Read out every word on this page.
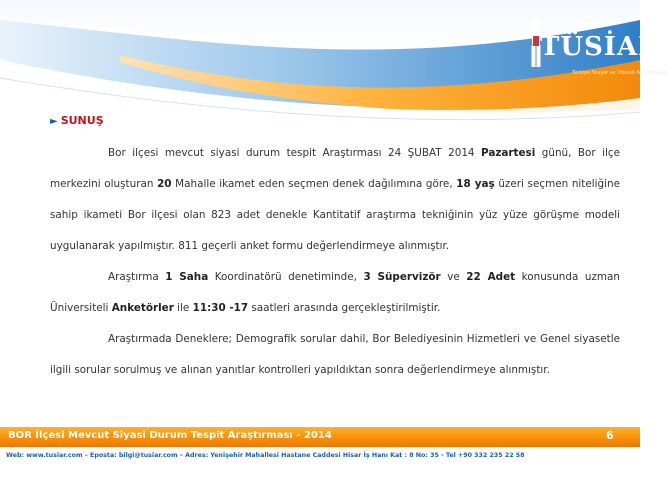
TÜSİAR
Türkiye Sosyal ve İktisadi Araştırmalar
► SUNUŞ

Bor ilçesi mevcut siyasi durum tespit Araştırması 24 ŞUBAT 2014 Pazartesi günü, Bor ilçe merkezini oluşturan 20 Mahalle ikamet eden seçmen denek dağılımına göre, 18 yaş üzeri seçmen niteliğine sahip ikameti Bor ilçesi olan 823 adet denekle Kantitatif araştırma tekniğinin yüz yüze görüşme modeli uygulanarak yapılmıştır. 811 geçerli anket formu değerlendirmeye alınmıştır.

Araştırma 1 Saha Koordinatörü denetiminde, 3 Süpervizör ve 22 Adet konusunda uzman Üniversiteli Anketörler ile 11:30 -17 saatleri arasında gerçekleştirilmiştir.

Araştırmada Deneklere; Demografik sorular dahil, Bor Belediyesinin Hizmetleri ve Genel siyasetle ilgili sorular sorulmuş ve alınan yanıtlar kontrolleri yapıldıktan sonra değerlendirmeye alınmıştır.

BOR İlçesi Mevcut Siyasi Durum Tespit Araştırması - 2014	6
Web: www.tusiar.com – Eposta: bilgi@tusiar.com – Adres: Yenişehir Mahallesi Hastane Caddesi Hisar İş Hanı Kat : 8 No: 35 - Tel +90 332 235 22 58
